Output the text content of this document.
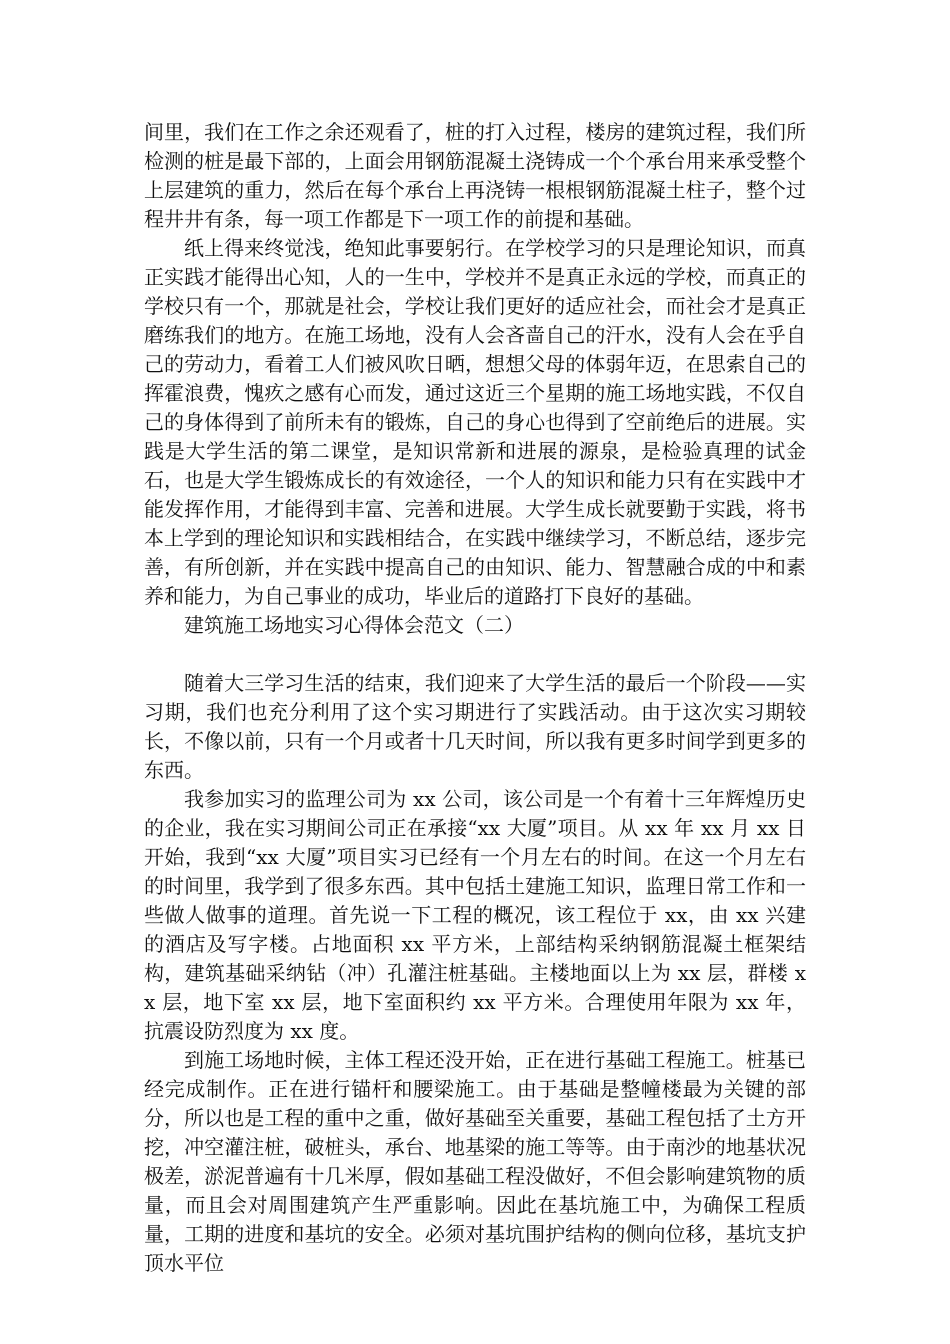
间里，我们在工作之余还观看了，桩的打入过程，楼房的建筑过程，我们所检测的桩是最下部的，上面会用钢筋混凝土浇铸成一个个承台用来承受整个上层建筑的重力，然后在每个承台上再浇铸一根根钢筋混凝土柱子，整个过程井井有条，每一项工作都是下一项工作的前提和基础。

纸上得来终觉浅，绝知此事要躬行。在学校学习的只是理论知识，而真正实践才能得出心知，人的一生中，学校并不是真正永远的学校，而真正的学校只有一个，那就是社会，学校让我们更好的适应社会，而社会才是真正磨练我们的地方。在施工场地，没有人会吝啬自己的汗水，没有人会在乎自己的劳动力，看着工人们被风吹日晒，想想父母的体弱年迈，在思索自己的挥霍浪费，愧疚之感有心而发，通过这近三个星期的施工场地实践，不仅自己的身体得到了前所未有的锻炼，自己的身心也得到了空前绝后的进展。实践是大学生活的第二课堂，是知识常新和进展的源泉，是检验真理的试金石，也是大学生锻炼成长的有效途径，一个人的知识和能力只有在实践中才能发挥作用，才能得到丰富、完善和进展。大学生成长就要勤于实践，将书本上学到的理论知识和实践相结合，在实践中继续学习，不断总结，逐步完善，有所创新，并在实践中提高自己的由知识、能力、智慧融合成的中和素养和能力，为自己事业的成功，毕业后的道路打下良好的基础。

建筑施工场地实习心得体会范文（二）

随着大三学习生活的结束，我们迎来了大学生活的最后一个阶段——实习期，我们也充分利用了这个实习期进行了实践活动。由于这次实习期较长，不像以前，只有一个月或者十几天时间，所以我有更多时间学到更多的东西。

我参加实习的监理公司为 xx 公司，该公司是一个有着十三年辉煌历史的企业，我在实习期间公司正在承接“xx 大厦”项目。从 xx 年 xx 月 xx 日开始，我到“xx 大厦”项目实习已经有一个月左右的时间。在这一个月左右的时间里，我学到了很多东西。其中包括土建施工知识，监理日常工作和一些做人做事的道理。首先说一下工程的概况，该工程位于 xx，由 xx 兴建的酒店及写字楼。占地面积 xx 平方米，上部结构采纳钢筋混凝土框架结构，建筑基础采纳钻（冲）孔灌注桩基础。主楼地面以上为 xx 层，群楼 xx 层，地下室 xx 层，地下室面积约 xx 平方米。合理使用年限为 xx 年，抗震设防烈度为 xx 度。

到施工场地时候，主体工程还没开始，正在进行基础工程施工。桩基已经完成制作。正在进行锚杆和腰梁施工。由于基础是整幢楼最为关键的部分，所以也是工程的重中之重，做好基础至关重要，基础工程包括了土方开挖，冲空灌注桩，破桩头，承台、地基梁的施工等等。由于南沙的地基状况极差，淤泥普遍有十几米厚，假如基础工程没做好，不但会影响建筑物的质量，而且会对周围建筑产生严重影响。因此在基坑施工中，为确保工程质量，工期的进度和基坑的安全。必须对基坑围护结构的侧向位移，基坑支护顶水平位
